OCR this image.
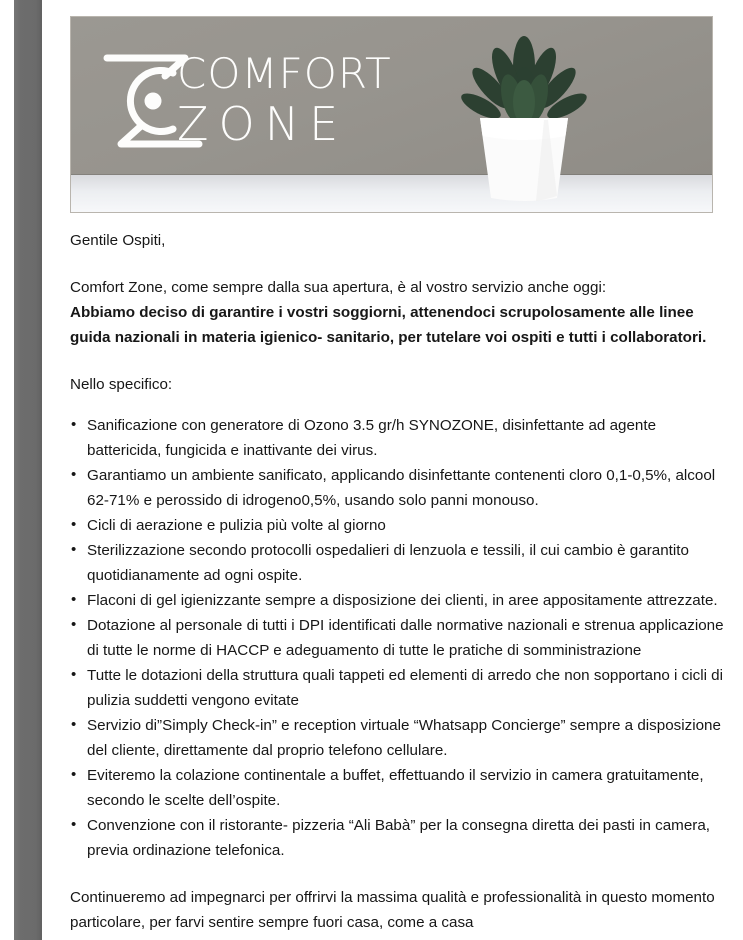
COMFORT
ZONE

Gentile Ospiti,

Comfort Zone, come sempre dalla sua apertura, è al vostro servizio anche oggi:

Abbiamo deciso di garantire i vostri soggiorni, attenendoci scrupolosamente alle linee guida nazionali in materia igienico- sanitario, per tutelare voi ospiti e tutti i collaboratori.

Nello specifico:

• Sanificazione con generatore di Ozono 3.5 gr/h SYNOZONE, disinfettante ad agente battericida, fungicida e inattivante dei virus.
• Garantiamo un ambiente sanificato, applicando disinfettante contenenti cloro 0,1-0,5%, alcool 62-71% e perossido di idrogeno0,5%, usando solo panni monouso.
• Cicli di aerazione e pulizia più volte al giorno
• Sterilizzazione secondo protocolli ospedalieri di lenzuola e tessili, il cui cambio è garantito quotidianamente ad ogni ospite.
• Flaconi di gel igienizzante sempre a disposizione dei clienti, in aree appositamente attrezzate.
• Dotazione al personale di tutti i DPI identificati dalle normative nazionali e strenua applicazione di tutte le norme di HACCP e adeguamento di tutte le pratiche di somministrazione
• Tutte le dotazioni della struttura quali tappeti ed elementi di arredo che non sopportano i cicli di pulizia suddetti vengono evitate
• Servizio di”Simply Check-in” e reception virtuale “Whatsapp Concierge” sempre a disposizione del cliente, direttamente dal proprio telefono cellulare.
• Eviteremo la colazione continentale a buffet, effettuando il servizio in camera gratuitamente, secondo le scelte dell’ospite.
• Convenzione con il ristorante- pizzeria “Ali Babà” per la consegna diretta dei pasti in camera, previa ordinazione telefonica.

Continueremo ad impegnarci per offrirvi la massima qualità e professionalità in questo momento particolare, per farvi sentire sempre fuori casa, come a casa
